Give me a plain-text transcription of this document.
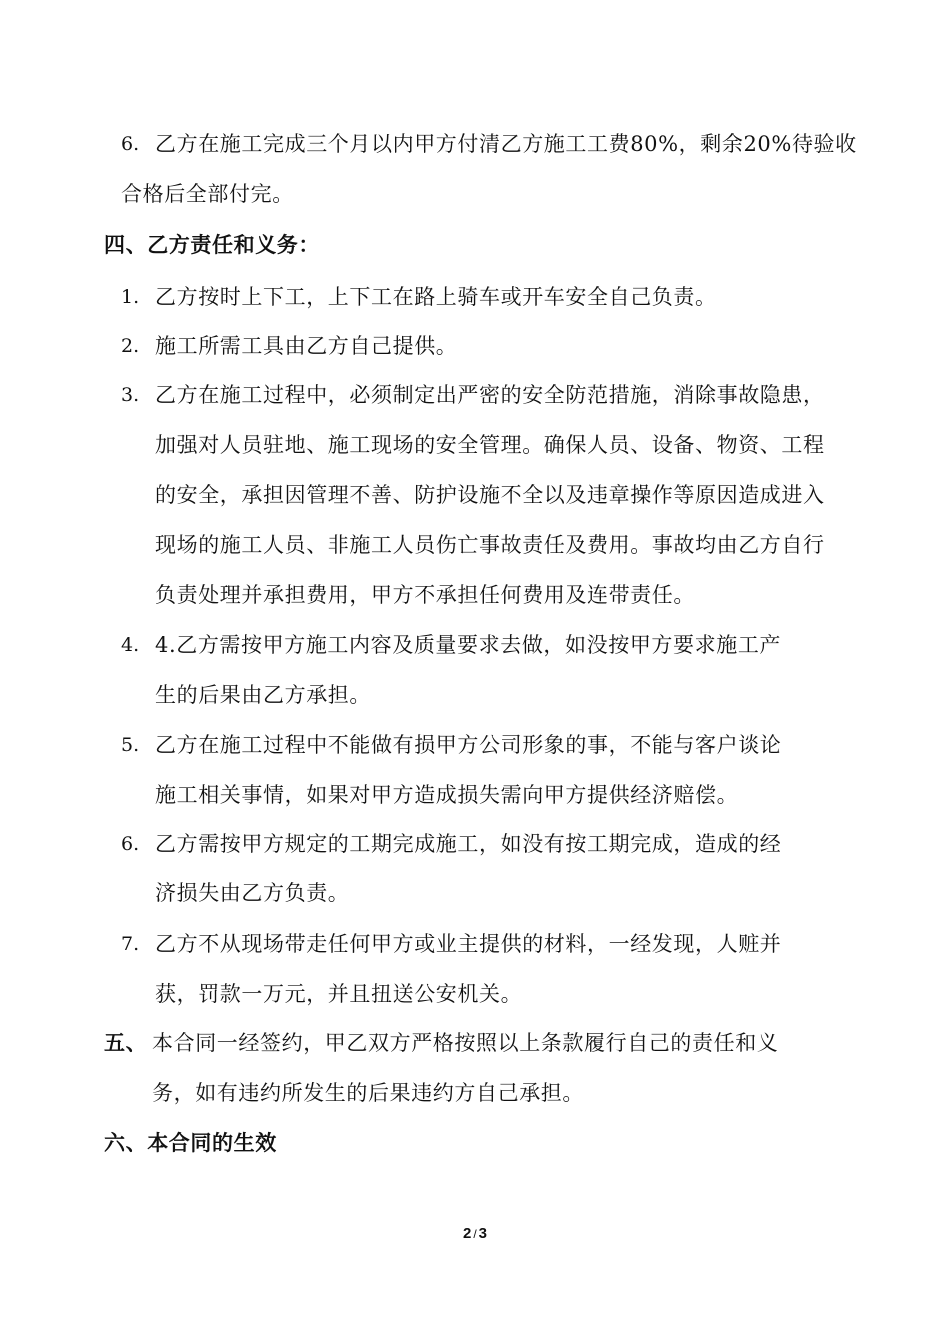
6. 乙方在施工完成三个月以内甲方付清乙方施工工费80%，剩余20%待验收
合格后全部付完。
四、乙方责任和义务：
1. 乙方按时上下工，上下工在路上骑车或开车安全自己负责。
2. 施工所需工具由乙方自己提供。
3. 乙方在施工过程中，必须制定出严密的安全防范措施，消除事故隐患，
加强对人员驻地、施工现场的安全管理。确保人员、设备、物资、工程
的安全，承担因管理不善、防护设施不全以及违章操作等原因造成进入
现场的施工人员、非施工人员伤亡事故责任及费用。事故均由乙方自行
负责处理并承担费用，甲方不承担任何费用及连带责任。
4. 4.乙方需按甲方施工内容及质量要求去做，如没按甲方要求施工产
生的后果由乙方承担。
5. 乙方在施工过程中不能做有损甲方公司形象的事，不能与客户谈论
施工相关事情，如果对甲方造成损失需向甲方提供经济赔偿。
6. 乙方需按甲方规定的工期完成施工，如没有按工期完成，造成的经
济损失由乙方负责。
7. 乙方不从现场带走任何甲方或业主提供的材料，一经发现，人赃并
获，罚款一万元，并且扭送公安机关。
五、 本合同一经签约，甲乙双方严格按照以上条款履行自己的责任和义
务，如有违约所发生的后果违约方自己承担。
六、本合同的生效
2 / 3
